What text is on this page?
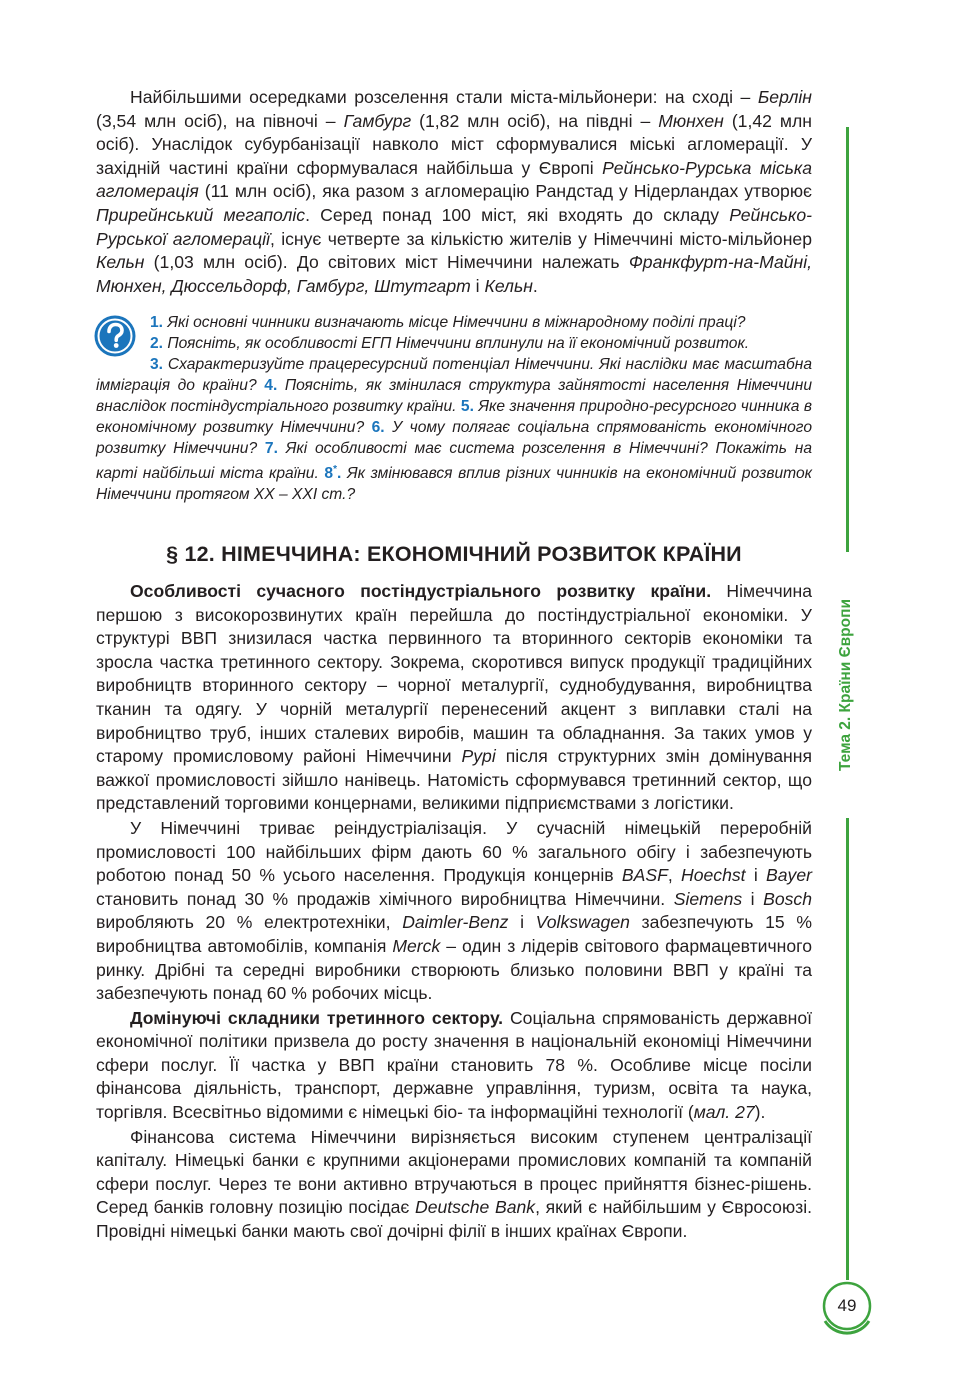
Найбільшими осередками розселення стали міста-мільйонери: на сході – Берлін (3,54 млн осіб), на півночі – Гамбург (1,82 млн осіб), на півдні – Мюнхен (1,42 млн осіб). Унаслідок субурбанізації навколо міст сформувалися міські агломерації. У західній частині країни сформувалася найбільша у Європі Рейнсько-Рурська міська агломерація (11 млн осіб), яка разом з агломерацію Рандстад у Нідерландах утворює Прирейнський мегаполіс. Серед понад 100 міст, які входять до складу Рейнсько-Рурської агломерації, існує четверте за кількістю жителів у Німеччині місто-мільйонер Кельн (1,03 млн осіб). До світових міст Німеччини належать Франкфурт-на-Майні, Мюнхен, Дюссельдорф, Гамбург, Штутгарт і Кельн.

1. Які основні чинники визначають місце Німеччини в міжнародному поділі праці?

2. Поясніть, як особливості ЕГП Німеччини вплинули на її економічний розвиток.

3. Схарактеризуйте працересурсний потенціал Німеччини. Які наслідки має масштабна імміграція до країни? 4. Поясніть, як змінилася структура зайнятості населення Німеччини внаслідок постіндустріального розвитку країни. 5. Яке значення природно-ресурсного чинника в економічному розвитку Німеччини? 6. У чому полягає соціальна спрямованість економічного розвитку Німеччини? 7. Які особливості має система розселення в Німеччині? Покажіть на карті найбільші міста країни. 8*. Як змінювався вплив різних чинників на економічний розвиток Німеччини протягом XX – XXI ст.?

§ 12. НІМЕЧЧИНА: ЕКОНОМІЧНИЙ РОЗВИТОК КРАЇНИ

Особливості сучасного постіндустріального розвитку країни. Німеччина першою з високорозвинутих країн перейшла до постіндустріальної економіки. У структурі ВВП знизилася частка первинного та вторинного секторів економіки та зросла частка третинного сектору. Зокрема, скоротився випуск продукції традиційних виробництв вторинного сектору – чорної металургії, суднобудування, виробництва тканин та одягу. У чорній металургії перенесений акцент з виплавки сталі на виробництво труб, інших сталевих виробів, машин та обладнання. За таких умов у старому промисловому районі Німеччини Рурі після структурних змін домінування важкої промисловості зійшло нанівець. Натомість сформувався третинний сектор, що представлений торговими концернами, великими підприємствами з логістики.

У Німеччині триває реіндустріалізація. У сучасній німецькій переробній промисловості 100 найбільших фірм дають 60 % загального обігу і забезпечують роботою понад 50 % усього населення. Продукція концернів BASF, Hoechst і Bayer становить понад 30 % продажів хімічного виробництва Німеччини. Siemens і Bosch виробляють 20 % електротехніки, Daimler-Benz і Volkswagen забезпечують 15 % виробництва автомобілів, компанія Merck – один з лідерів світового фармацевтичного ринку. Дрібні та середні виробники створюють близько половини ВВП у країні та забезпечують понад 60 % робочих місць.

Домінуючі складники третинного сектору. Соціальна спрямованість державної економічної політики призвела до росту значення в національній економіці Німеччини сфери послуг. Її частка у ВВП країни становить 78 %. Особливе місце посіли фінансова діяльність, транспорт, державне управління, туризм, освіта та наука, торгівля. Всесвітньо відомими є німецькі біо- та інформаційні технології (мал. 27).

Фінансова система Німеччини вирізняється високим ступенем централізації капіталу. Німецькі банки є крупними акціонерами промислових компаній та компаній сфери послуг. Через те вони активно втручаються в процес прийняття бізнес-рішень. Серед банків головну позицію посідає Deutsche Bank, який є найбільшим у Євросоюзі. Провідні німецькі банки мають свої дочірні філії в інших країнах Європи.

Тема 2. Країни Європи
49
